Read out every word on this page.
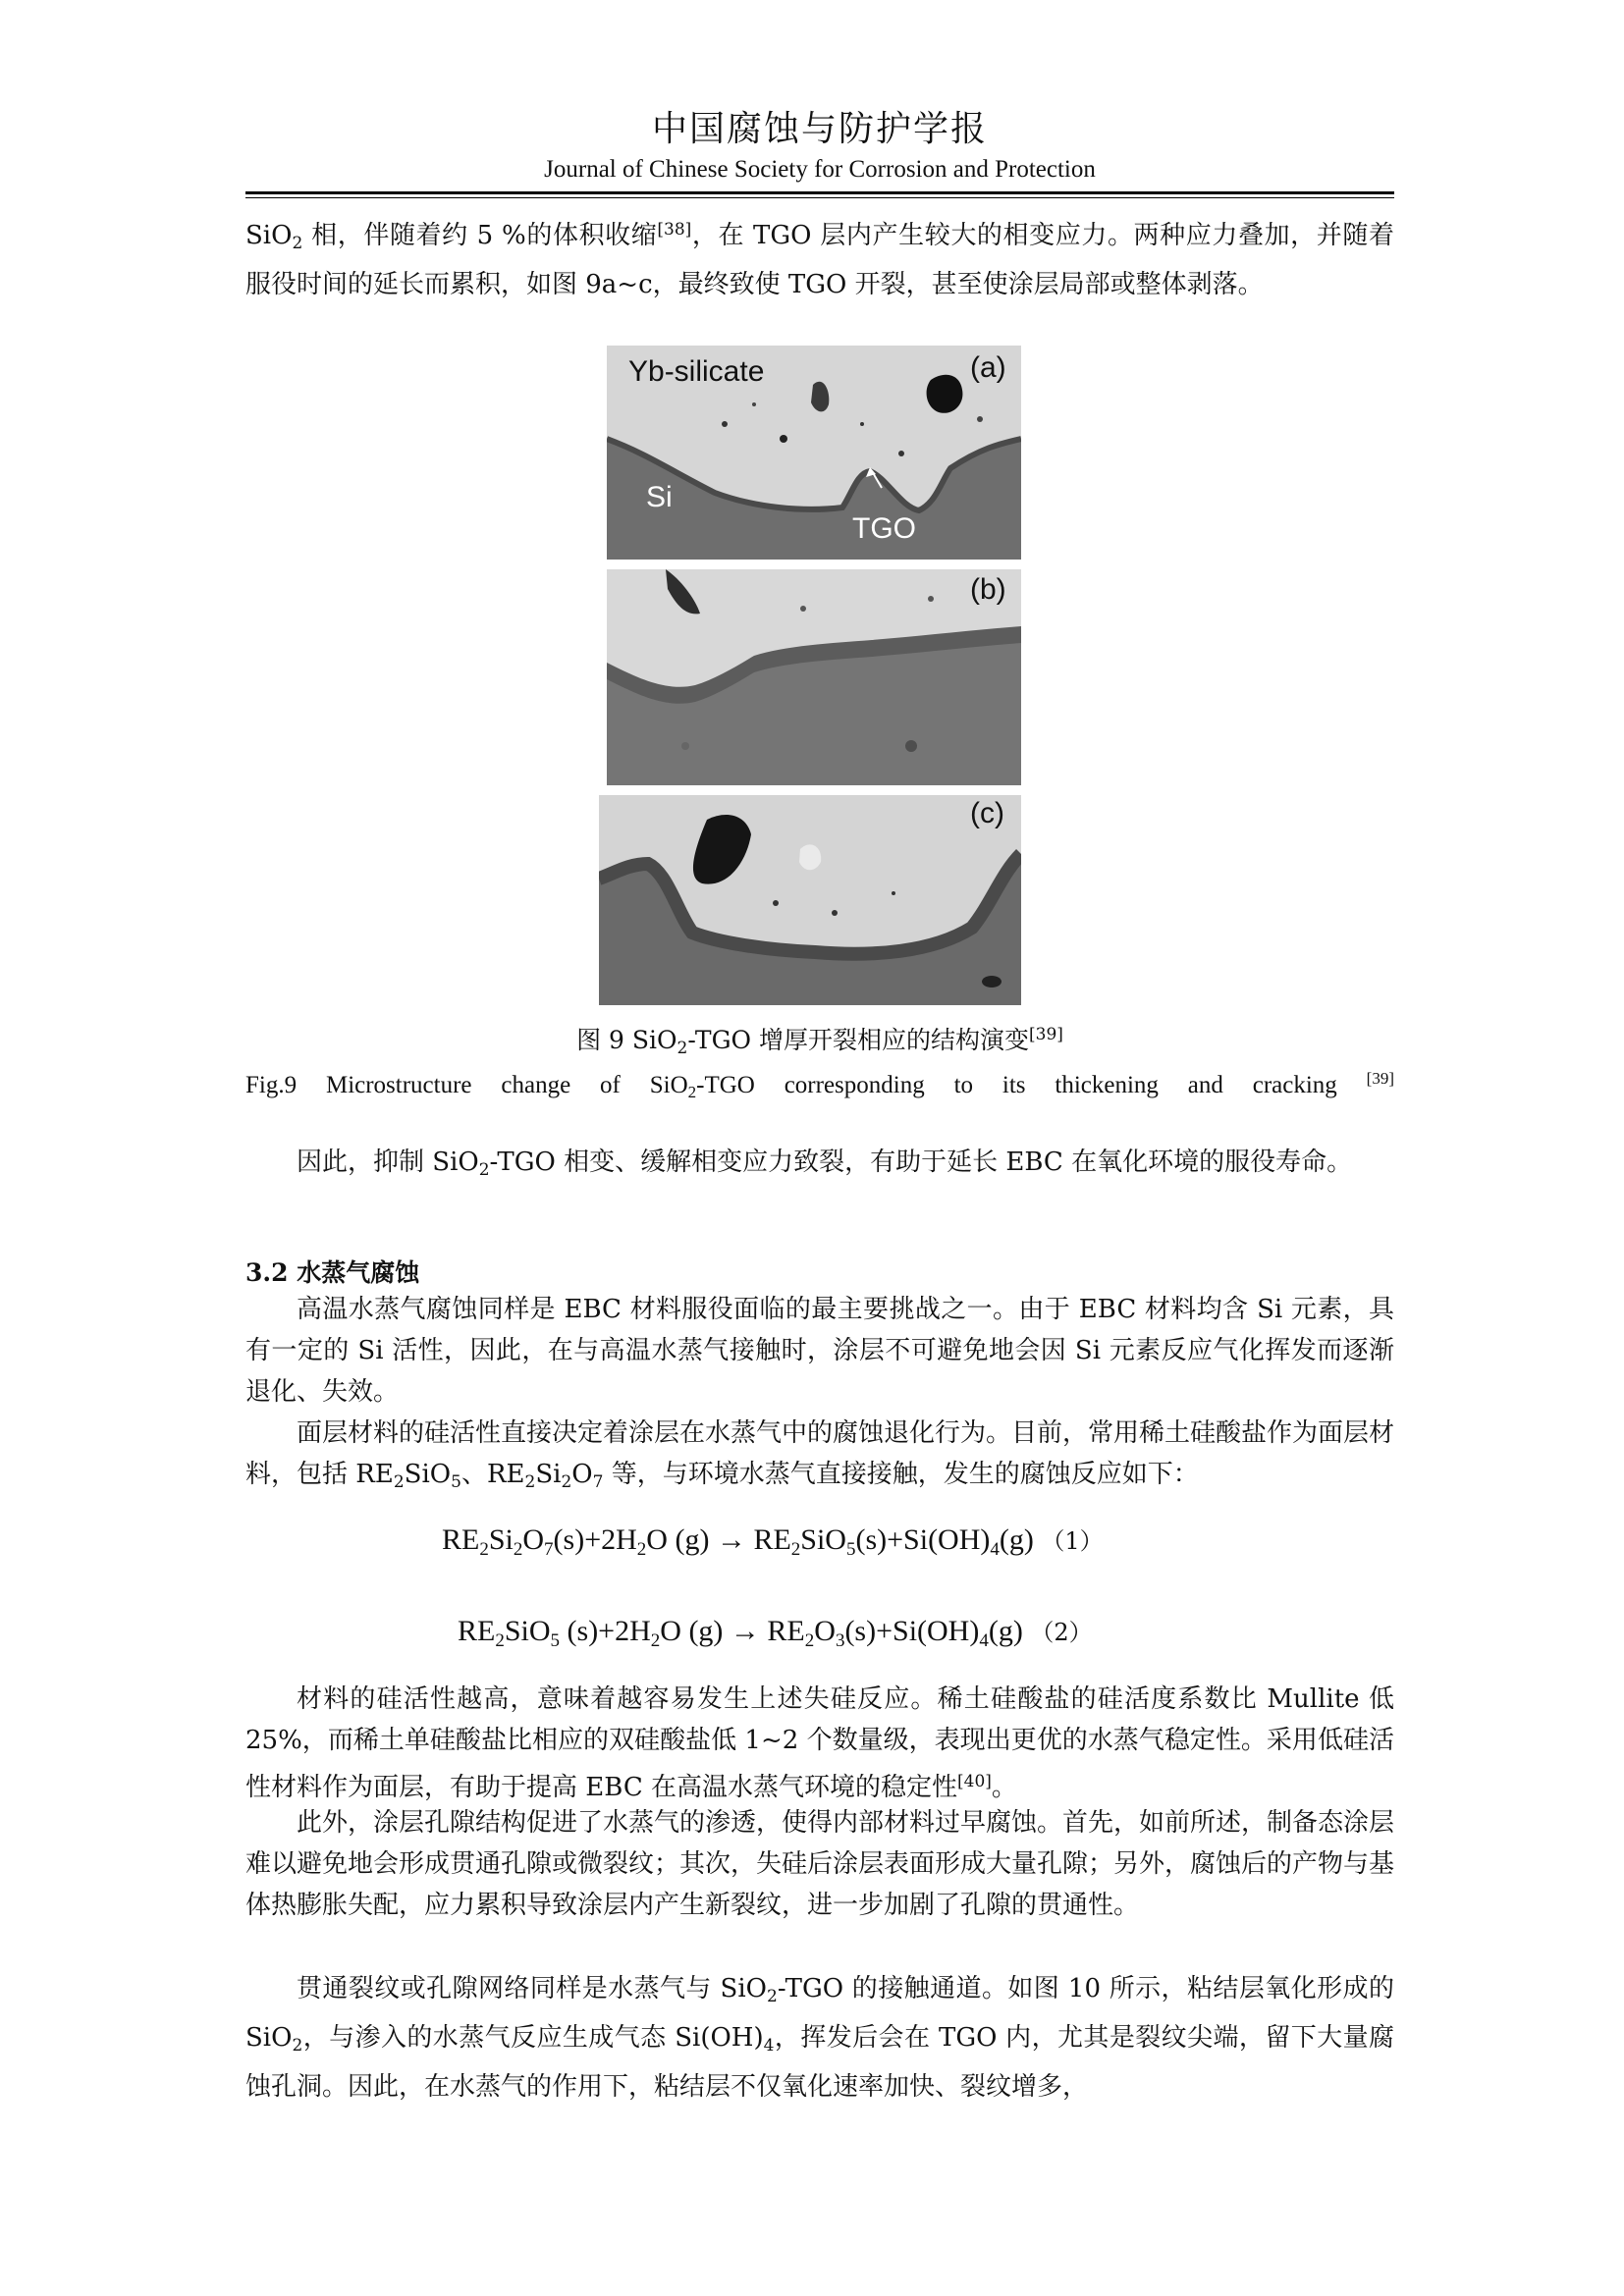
中国腐蚀与防护学报
Journal of Chinese Society for Corrosion and Protection

SiO$_2$ 相，伴随着约 5 %的体积收缩[38]，在 TGO 层内产生较大的相变应力。两种应力叠加，并随着服役时间的延长而累积，如图 9a~c，最终致使 TGO 开裂，甚至使涂层局部或整体剥落。

Yb-silicate
Si
TGO
(a)
(b)
(c)
图 9 SiO$_2$-TGO 增厚开裂相应的结构演变[39]
Fig.9 Microstructure change of SiO$_2$-TGO corresponding to its thickening and cracking [39]

因此，抑制 SiO$_2$-TGO 相变、缓解相变应力致裂，有助于延长 EBC 在氧化环境的服役寿命。

3.2 水蒸气腐蚀

高温水蒸气腐蚀同样是 EBC 材料服役面临的最主要挑战之一。由于 EBC 材料均含 Si 元素，具有一定的 Si 活性，因此，在与高温水蒸气接触时，涂层不可避免地会因 Si 元素反应气化挥发而逐渐退化、失效。

面层材料的硅活性直接决定着涂层在水蒸气中的腐蚀退化行为。目前，常用稀土硅酸盐作为面层材料，包括 $RE_2SiO_5$、$RE_2Si_2O_7$ 等，与环境水蒸气直接接触，发生的腐蚀反应如下：

$RE_2Si_2O_7(s)+2H_2O$ $(g) \to RE_2SiO_5(s)+Si(OH)_4(g)$ （1）
$RE_2SiO_5$ $(s)+2H_2O$ $(g) \to RE_2O_3(s)+Si(OH)_4(g)$ （2）

材料的硅活性越高，意味着越容易发生上述失硅反应。稀土硅酸盐的硅活度系数比 Mullite 低 25%，而稀土单硅酸盐比相应的双硅酸盐低 1~2 个数量级，表现出更优的水蒸气稳定性。采用低硅活性材料作为面层，有助于提高 EBC 在高温水蒸气环境的稳定性[40]。

此外，涂层孔隙结构促进了水蒸气的渗透，使得内部材料过早腐蚀。首先，如前所述，制备态涂层难以避免地会形成贯通孔隙或微裂纹；其次，失硅后涂层表面形成大量孔隙；另外，腐蚀后的产物与基体热膨胀失配，应力累积导致涂层内产生新裂纹，进一步加剧了孔隙的贯通性。

贯通裂纹或孔隙网络同样是水蒸气与 SiO$_2$-TGO 的接触通道。如图 10 所示，粘结层氧化形成的 SiO$_2$，与渗入的水蒸气反应生成气态 $Si(OH)_4$，挥发后会在 TGO 内，尤其是裂纹尖端，留下大量腐蚀孔洞。因此，在水蒸气的作用下，粘结层不仅氧化速率加快、裂纹增多，
